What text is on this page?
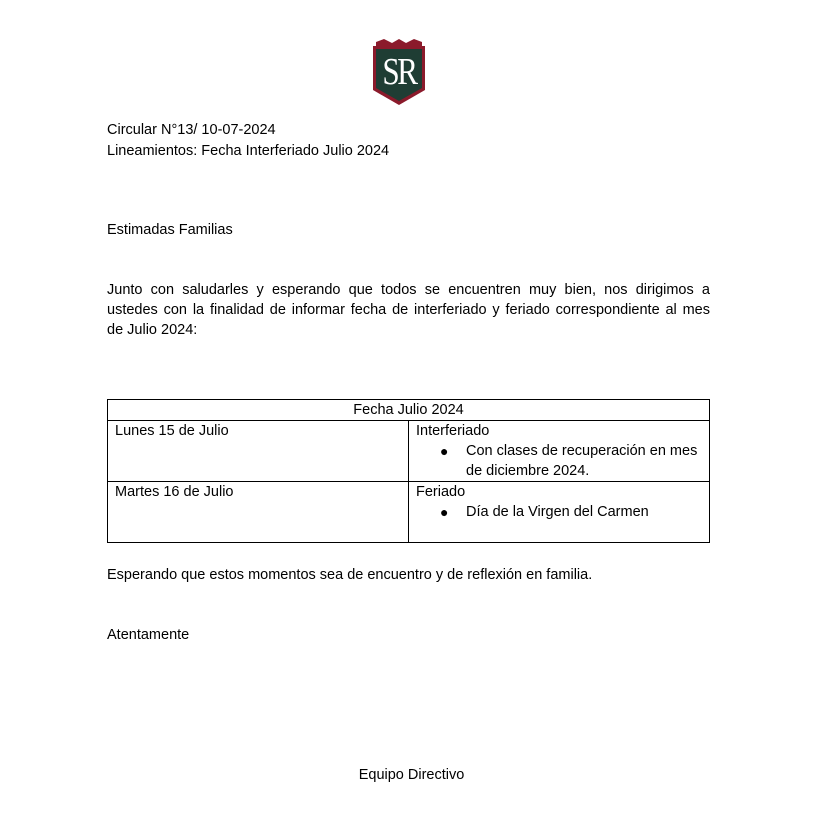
SR
Circular N°13/ 10-07-2024
Lineamientos: Fecha Interferiado Julio 2024
Estimadas Familias
Junto con saludarles y esperando que todos se encuentren muy bien, nos dirigimos a
ustedes con la finalidad de informar fecha de interferiado y feriado correspondiente al mes
de Julio 2024:
Fecha Julio 2024	
Lunes 15 de Julio	Interferiado
● Con clases de recuperación en mes de diciembre 2024.

Martes 16 de Julio	Feriado
● Día de la Virgen del Carmen
Esperando que estos momentos sea de encuentro y de reflexión en familia.
Atentamente
Equipo Directivo
